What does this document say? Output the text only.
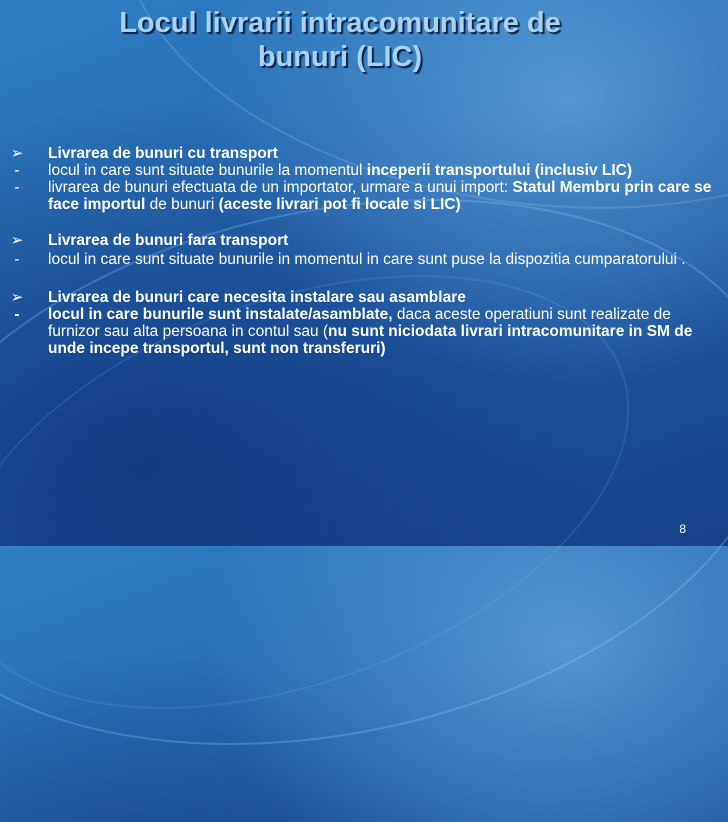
Locul livrarii intracomunitare de
bunuri (LIC)
➢	Livrarea de bunuri cu transport
-	locul in care sunt situate bunurile la momentul inceperii transportului (inclusiv LIC)
-	livrarea de bunuri efectuata de un importator, urmare a unui import: Statul Membru prin care se face importul de bunuri (aceste livrari pot fi locale si LIC)
➢	Livrarea de bunuri fara transport
-	locul in care sunt situate bunurile in momentul in care sunt puse la dispozitia cumparatorului .
➢	Livrarea de bunuri care necesita instalare sau asamblare
-	locul in care bunurile sunt instalate/asamblate, daca aceste operatiuni sunt realizate de furnizor sau alta persoana in contul sau (nu sunt niciodata livrari intracomunitare in SM de unde incepe transportul, sunt non transferuri)
8
